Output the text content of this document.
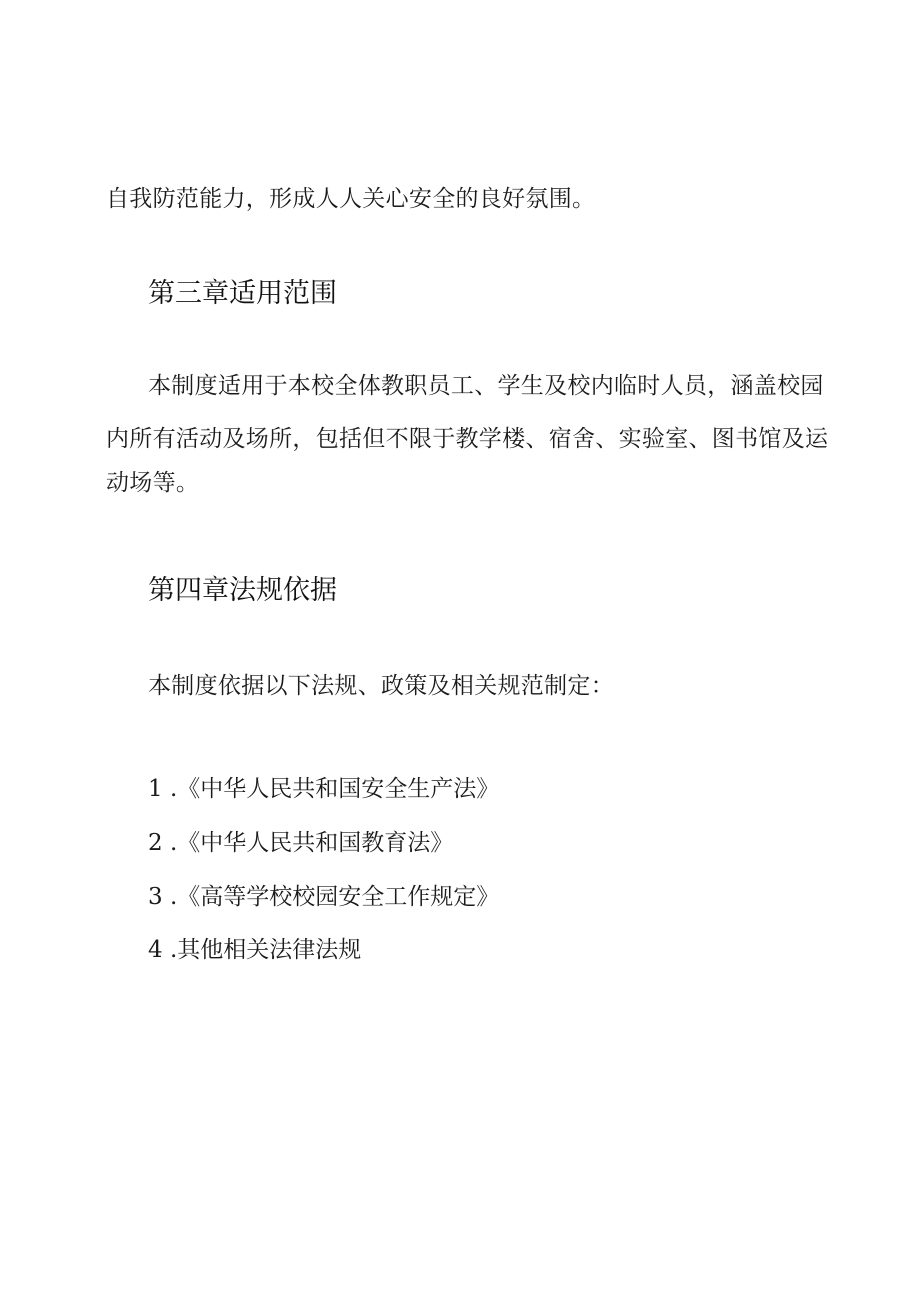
自我防范能力，形成人人关心安全的良好氛围。
第三章适用范围
本制度适用于本校全体教职员工、学生及校内临时人员，涵盖校园
内所有活动及场所，包括但不限于教学楼、宿舍、实验室、图书馆及运
动场等。
第四章法规依据
本制度依据以下法规、政策及相关规范制定：
1 .《中华人民共和国安全生产法》
2 .《中华人民共和国教育法》
3 .《高等学校校园安全工作规定》
4 .其他相关法律法规
